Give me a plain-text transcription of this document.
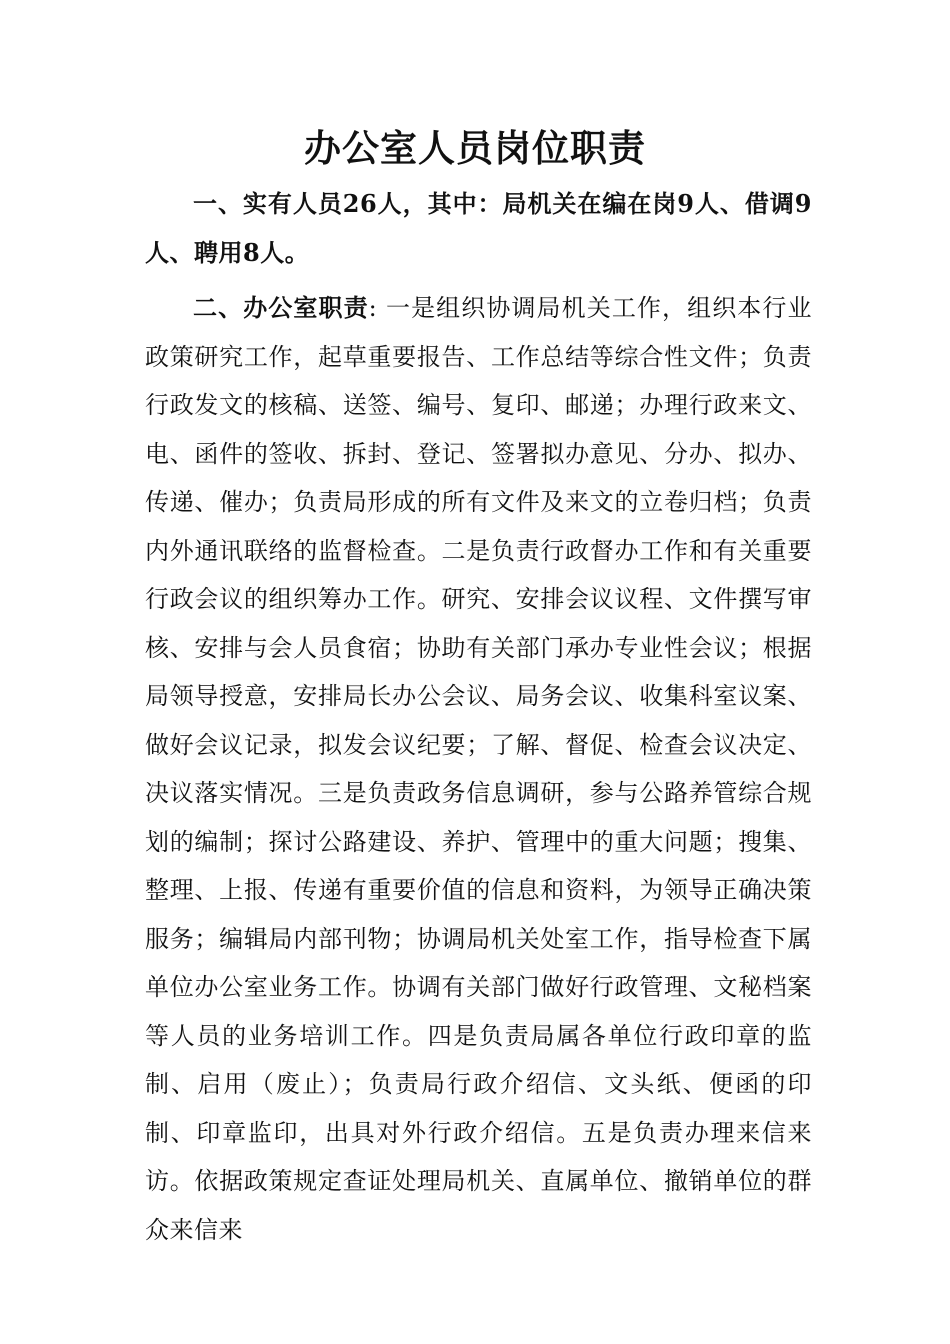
办公室人员岗位职责

一、实有人员26人，其中：局机关在编在岗9人、借调9人、聘用8人。

二、办公室职责: 一是组织协调局机关工作，组织本行业政策研究工作，起草重要报告、工作总结等综合性文件；负责行政发文的核稿、送签、编号、复印、邮递；办理行政来文、电、函件的签收、拆封、登记、签署拟办意见、分办、拟办、传递、催办；负责局形成的所有文件及来文的立卷归档；负责内外通讯联络的监督检查。二是负责行政督办工作和有关重要行政会议的组织筹办工作。研究、安排会议议程、文件撰写审核、安排与会人员食宿；协助有关部门承办专业性会议；根据局领导授意，安排局长办公会议、局务会议、收集科室议案、做好会议记录，拟发会议纪要；了解、督促、检查会议决定、决议落实情况。三是负责政务信息调研，参与公路养管综合规划的编制；探讨公路建设、养护、管理中的重大问题；搜集、整理、上报、传递有重要价值的信息和资料，为领导正确决策服务；编辑局内部刊物；协调局机关处室工作，指导检查下属单位办公室业务工作。协调有关部门做好行政管理、文秘档案等人员的业务培训工作。四是负责局属各单位行政印章的监制、启用（废止）；负责局行政介绍信、文头纸、便函的印制、印章监印，出具对外行政介绍信。五是负责办理来信来访。依据政策规定查证处理局机关、直属单位、撤销单位的群众来信来
